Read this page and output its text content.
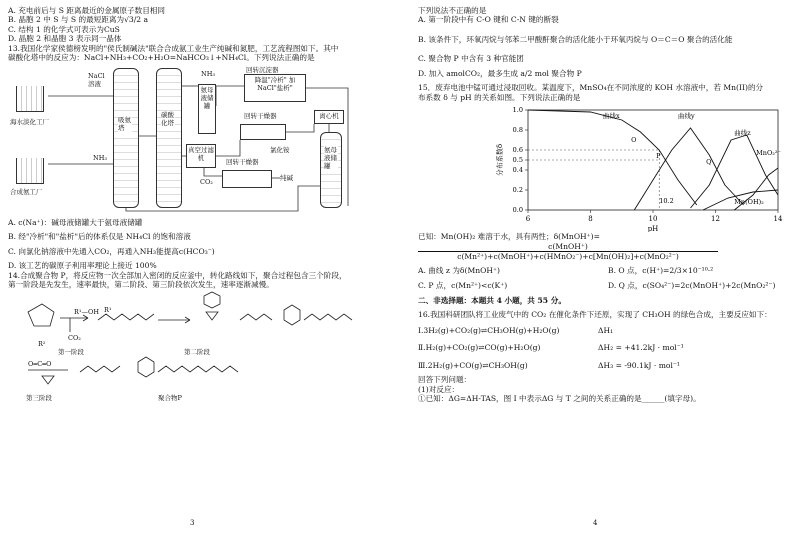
A. 充电前后与 S 距离最近的金属原子数目相同
B. 晶胞 2 中 S 与 S 的最短距离为√3/2 a
C. 结构 1 的化学式可表示为CuS
D. 晶胞 2 和晶胞 3 表示同一晶体
13.我国化学家侯德榜发明的"侯氏制碱法"联合合成氨工业生产纯碱和氮肥，工艺流程图如下。其中
碳酸化塔中的反应为：NaCl+NH₃+CO₂+H₂O=NaHCO₃↓+NH₄Cl。下列说法正确的是
海水淡化工厂
合成氨工厂
NaCl 溶液
NH₃
吸氨塔
碳酸化塔
NH₃
氨母液储罐
降温"冷析" 加NaCl"盐析"
回转沉淀器
真空过滤机
回转干燥器	离心机
氯化铵
回转干燥器
纯碱
CO₂
氨母液储罐
A. c(Na⁺)：碱母液储罐大于氨母液储罐
B. 经"冷析"和"盐析"后的体系仅是 NH₄Cl 的饱和溶液
C. 向氯化钠溶液中先通入CO₂，再通入NH₃能提高c(HCO₃⁻)
D. 该工艺的碳原子利用率理论上接近 100%
14.合成聚合物 P，将反应物一次全部加入密闭的反应釜中，转化路线如下，聚合过程包含三个阶段，
第一阶段是先发生，速率最快，第二阶段、第三阶段依次发生，速率逐渐减慢。
R¹—OH
CO₂
R²
R¹
第一阶段	第二阶段
O═C═O
第三阶段	聚合物P
3
下列说法不正确的是
A. 第一阶段中有 C-O 键和 C-N 键的断裂
B. 该条件下，环氧丙烷与邻苯二甲酸酐聚合的活化能小于环氧丙烷与 O＝C＝O 聚合的活化能
C. 聚合物 P 中含有 3 种官能团
D. 加入 amolCO₂，最多生成 a/2 mol 聚合物 P
15．废弃电池中锰可通过浸取回收。某温度下，MnSO₄在不同浓度的 KOH 水溶液中，若 Mn(II)的分
布系数 δ 与 pH 的关系如图。下列说法正确的是
6	8	10	12	14
0.0
0.2
0.4
0.5
0.6
0.8
1.0
pH
分布系数δ
曲线x	曲线y
曲线z
MnO₂²⁻
Mn(OH)₂
O
P
Q
10.2
已知：Mn(OH)₂ 难溶于水，具有两性；δ(MnOH⁺)=
c(MnOH⁺)
c(Mn²⁺)+c(MnOH⁺)+c(HMnO₂⁻)+c[Mn(OH)₂]+c(MnO₂²⁻)
A. 曲线 z 为δ(MnOH⁺)	B. O 点，c(H⁺)=2/3×10⁻¹⁰·²
C. P 点，c(Mn²⁺)<c(K⁺)	D. Q 点，c(SO₄²⁻)=2c(MnOH⁺)+2c(MnO₂²⁻)
二、非选择题：本题共 4 小题，共 55 分。
16.我国科研团队将工业废气中的 CO₂ 在催化条件下还原，实现了 CH₃OH 的绿色合成，主要反应如下：
Ⅰ.3H₂(g)+CO₂(g)⇌CH₃OH(g)+H₂O(g)	ΔH₁
Ⅱ.H₂(g)+CO₂(g)⇌CO(g)+H₂O(g)	ΔH₂ = +41.2kJ · mol⁻¹
Ⅲ.2H₂(g)+CO(g)⇌CH₃OH(g)	ΔH₃ = -90.1kJ · mol⁻¹
回答下列问题：
(1)对反应：
①已知：ΔG=ΔH-TAS，图 I 中表示ΔG 与 T 之间的关系正确的是______(填字母)。
4
